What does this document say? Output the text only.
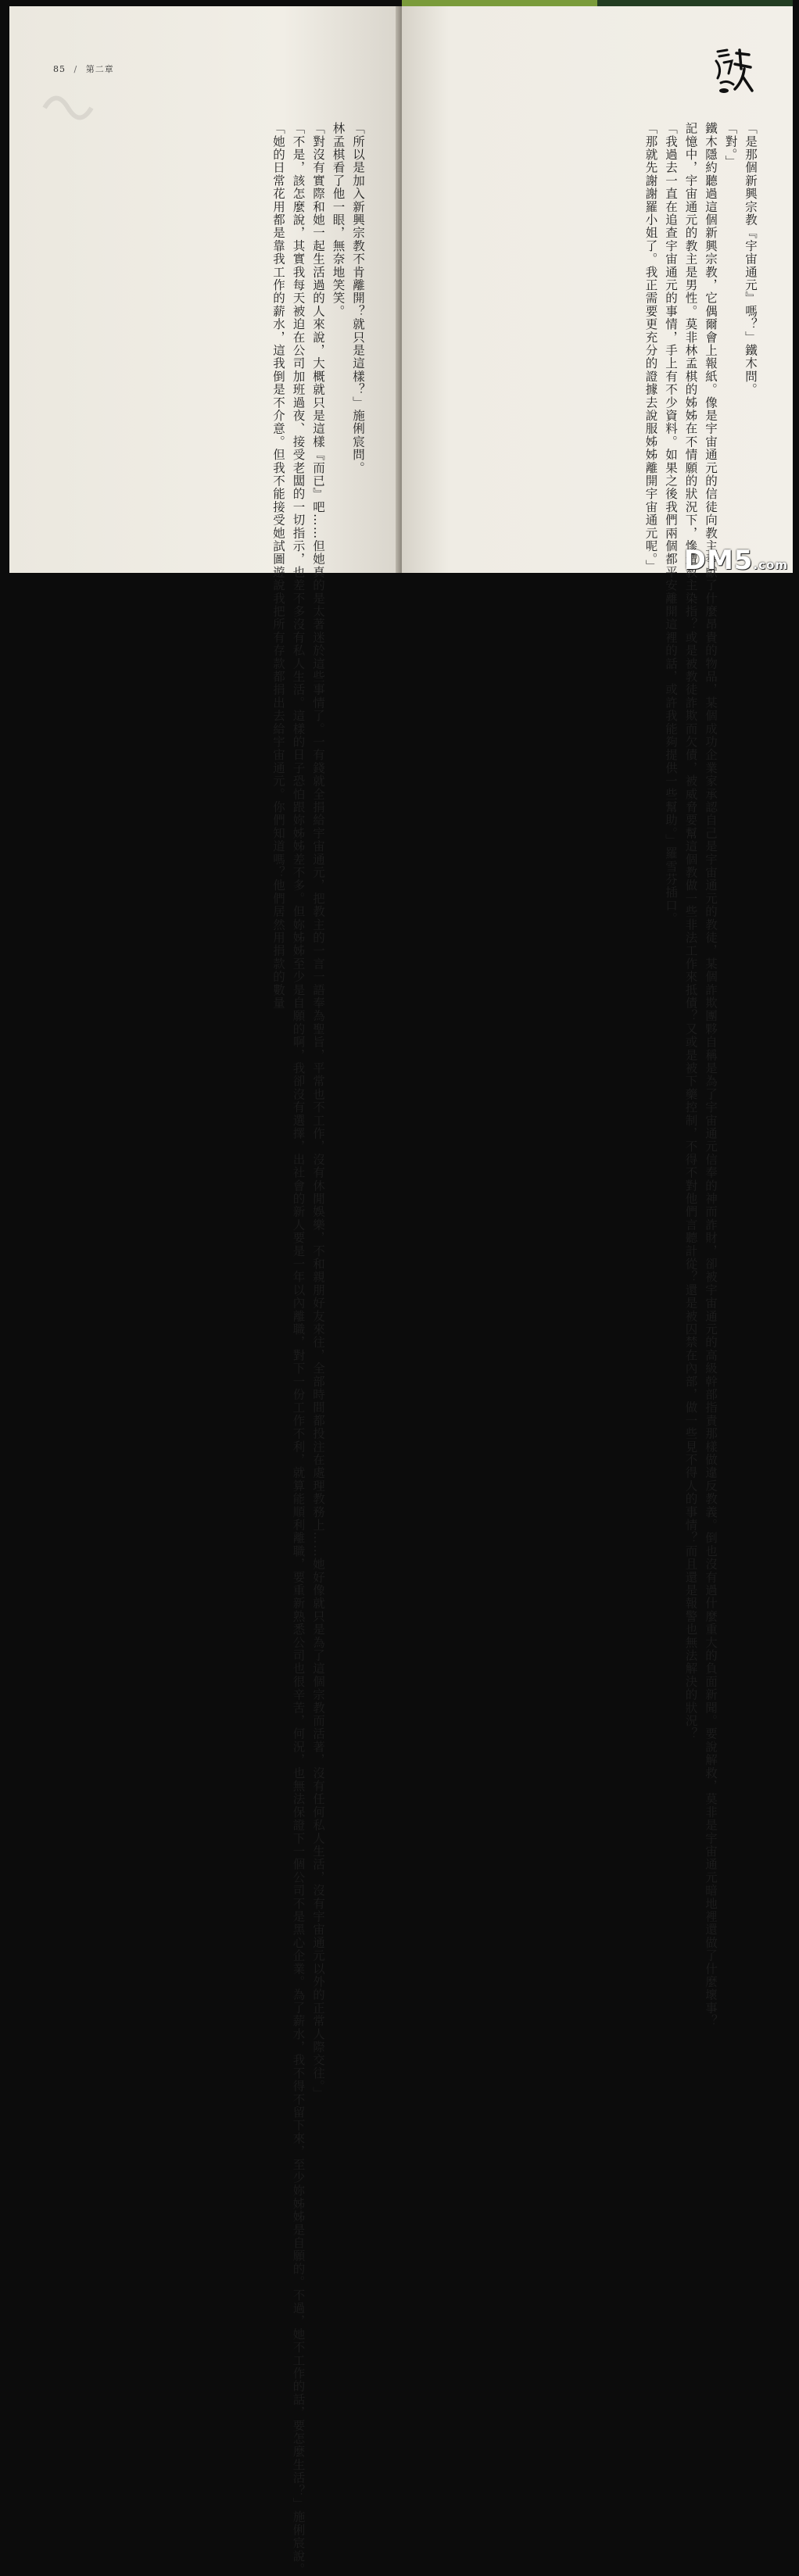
85 / 第二章
「所以是加入新興宗教不肯離開？就只是這樣？」施俐宸問。
林孟棋看了他一眼，無奈地笑笑。
「對沒有實際和她一起生活過的人來說，大概就只是這樣『而已』吧……但她真的是太著迷於這些事情了。一有錢就全捐給宇宙通元，把教主的一言一語奉為聖旨，平常也不工作，沒有休閒娛樂，不和親朋好友來往，全部時間都投注在處理教務上……她好像就只是為了這個宗教而活著，沒有任何私人生活，沒有宇宙通元以外的正常人際交往。」
「不是，該怎麼說，其實我每天被迫在公司加班過夜、接受老闆的一切指示，也差不多沒有私人生活。這樣的日子恐怕跟妳姊姊差不多。但妳姊姊至少是自願的啊，我卻沒有選擇，出社會的新人要是一年以內離職，對下一份工作不利，就算能順利離職，要重新熟悉公司也很辛苦，何況，也無法保證下一個公司不是黑心企業。為了薪水，我不得不留下來，至少妳姊姊是自願的。不過，她不工作的話，要怎麼生活？」施俐宸說。
「她的日常花用都是靠我工作的薪水，這我倒是不介意。但我不能接受她試圖遊說我把所有存款都捐出去給宇宙通元。你們知道嗎？他們居然用捐款的數量	「是那個新興宗教『宇宙通元』嗎？」鐵木問。
「對。」
鐵木隱約聽過這個新興宗教，它偶爾會上報紙。像是宇宙通元的信徒向教主奉獻了什麼昂貴的物品，某個成功企業家承認自己是宇宙通元的教徒，某個詐欺團夥自稱是為了宇宙通元信奉的神而詐財，卻被宇宙通元的高級幹部指責那樣做違反教義。倒也沒有過什麼重大的負面新聞。要說解救，莫非是宇宙通元暗地裡還做了什麼壞事？
記憶中，宇宙通元的教主是男性。莫非林孟棋的姊姊在不情願的狀況下，慘遭教主染指？或是被教徒詐欺而欠債，被威脅要幫這個教做一些非法工作來抵債？又或是被下藥控制，不得不對他們言聽計從？還是被囚禁在內部，做一些見不得人的事情？而且還是報警也無法解決的狀況？
「我過去一直在追查宇宙通元的事情，手上有不少資料。如果之後我們兩個都平安離開這裡的話，或許我能夠提供一些幫助。」羅雪芬插口。
「那就先謝謝羅小姐了。我正需要更充分的證據去說服姊姊離開宇宙通元呢。」 DM5.com
